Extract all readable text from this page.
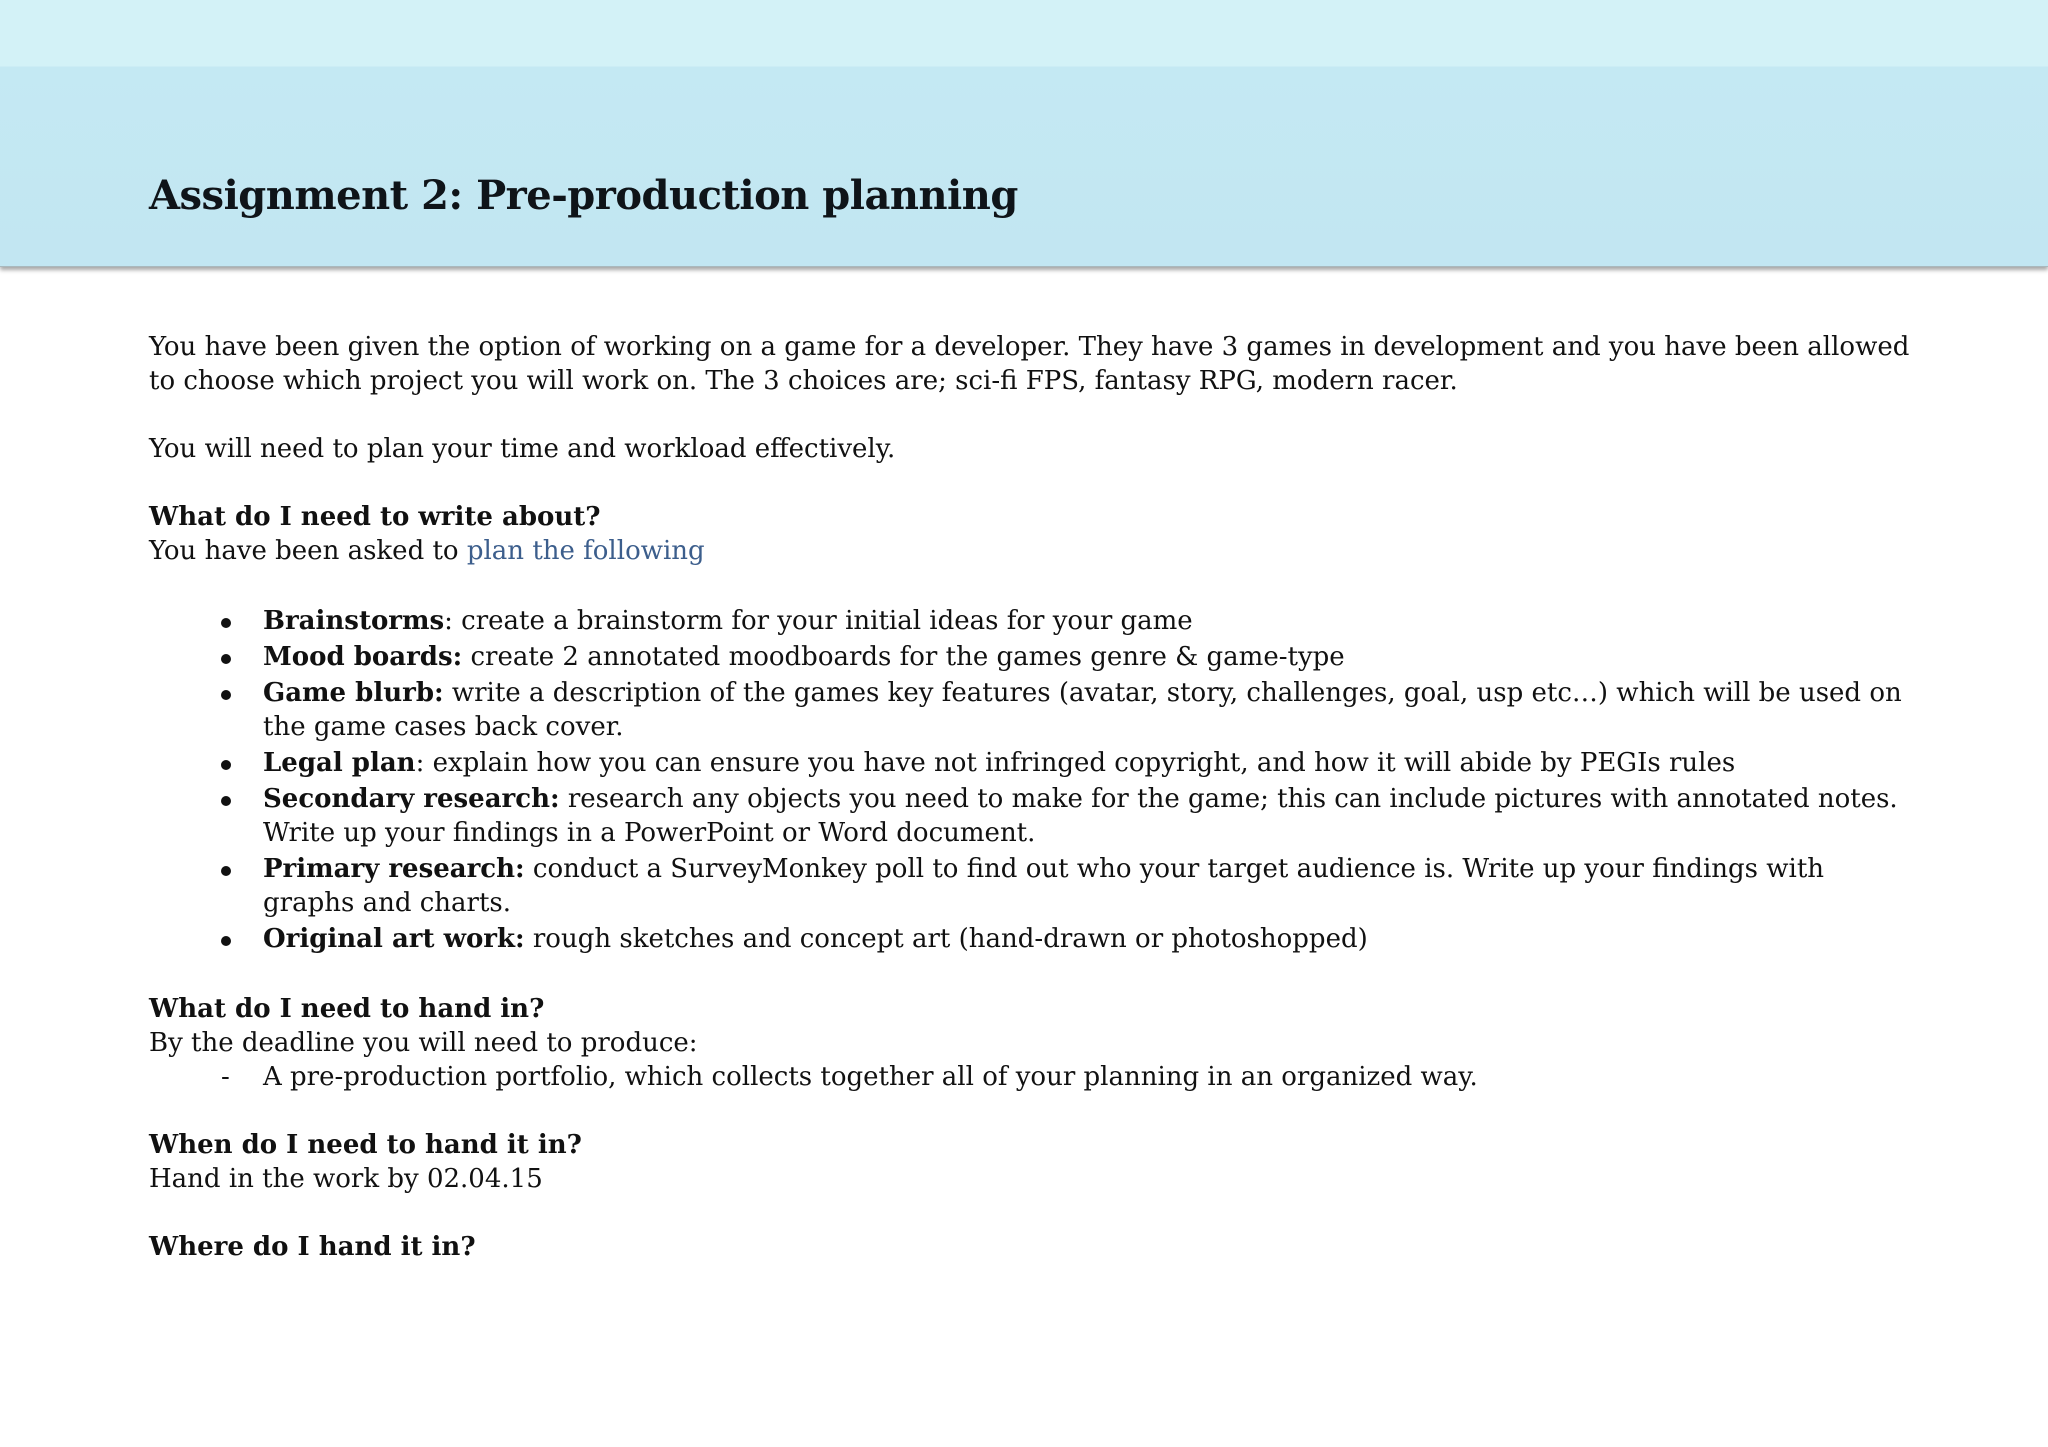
Assignment 2: Pre-production planning

You have been given the option of working on a game for a developer. They have 3 games in development and you have been allowed to choose which project you will work on. The 3 choices are; sci-fi FPS, fantasy RPG, modern racer.

You will need to plan your time and workload effectively.

What do I need to write about?

You have been asked to plan the following

Brainstorms: create a brainstorm for your initial ideas for your game
Mood boards: create 2 annotated moodboards for the games genre & game-type
Game blurb: write a description of the games key features (avatar, story, challenges, goal, usp etc…) which will be used on the game cases back cover.
Legal plan: explain how you can ensure you have not infringed copyright, and how it will abide by PEGIs rules
Secondary research: research any objects you need to make for the game; this can include pictures with annotated notes. Write up your findings in a PowerPoint or Word document.
Primary research: conduct a SurveyMonkey poll to find out who your target audience is. Write up your findings with graphs and charts.
Original art work: rough sketches and concept art (hand-drawn or photoshopped)

What do I need to hand in?

By the deadline you will need to produce:

- A pre-production portfolio, which collects together all of your planning in an organized way.

When do I need to hand it in?

Hand in the work by 02.04.15

Where do I hand it in?
